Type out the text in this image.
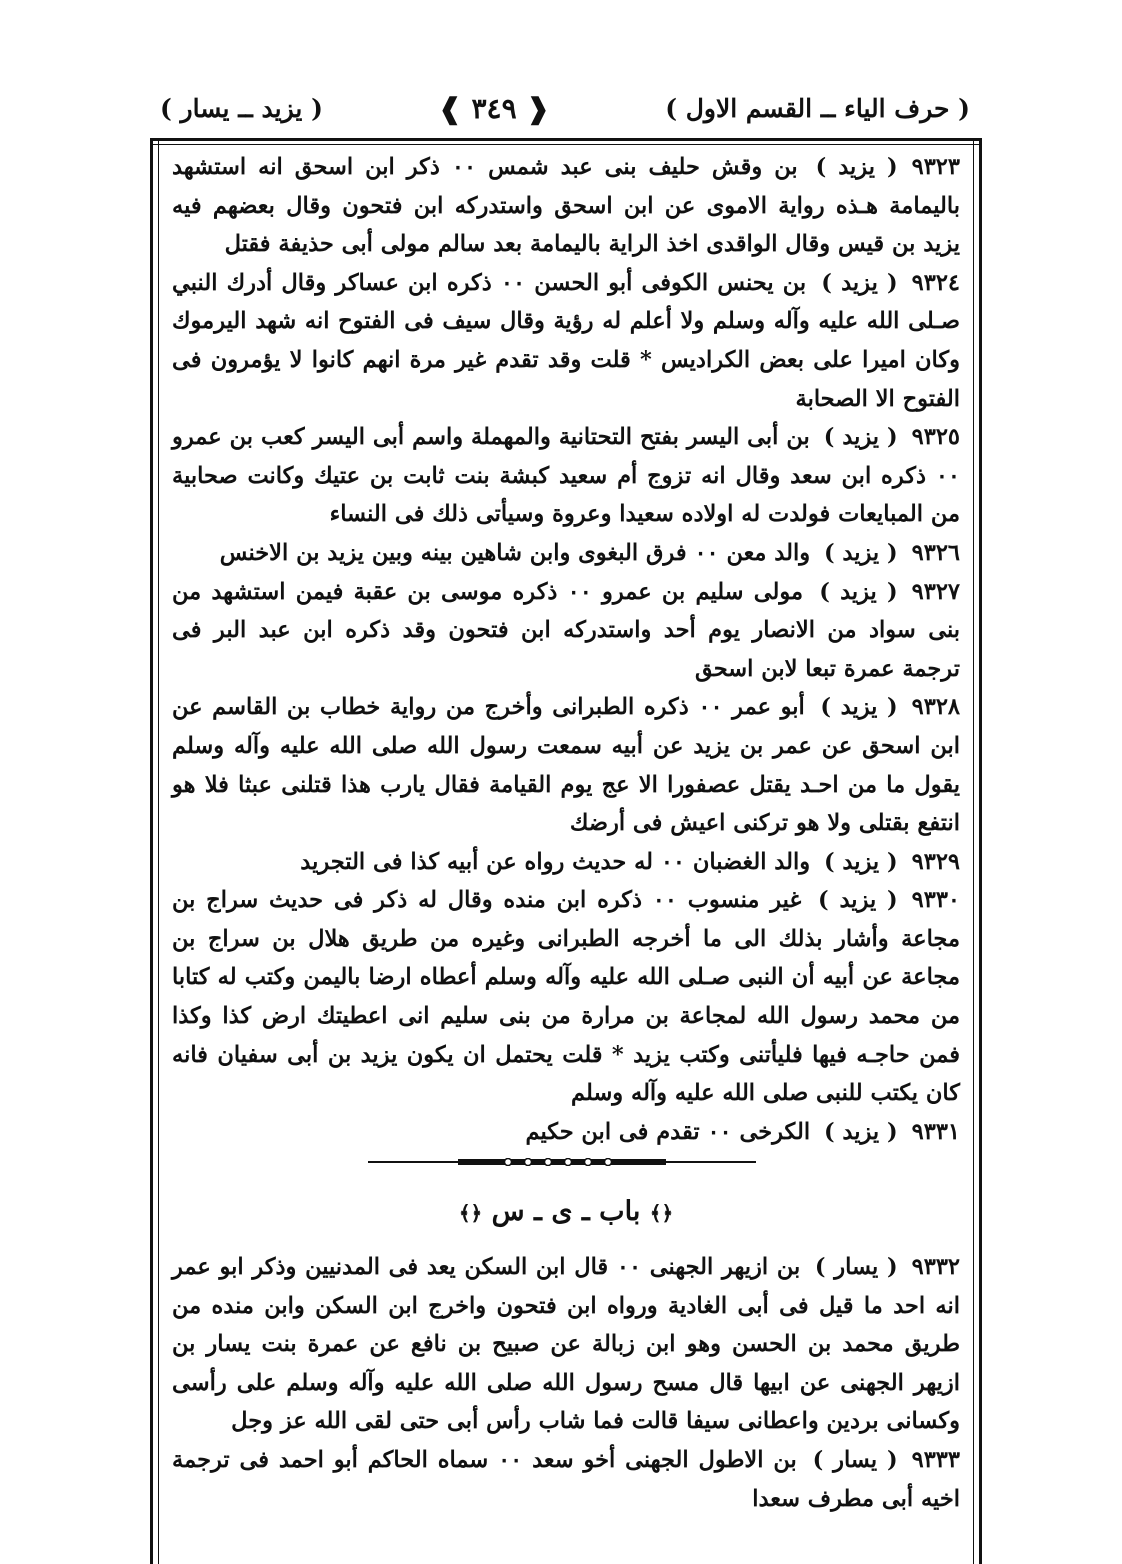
( حرف الياء ــ القسم الاول )
❰ ٣٤٩ ❱
( يزيد ــ يسار )

٩٣٢٣( يزيد ) بن وقش حليف بنى عبد شمس ٠٠ ذكر ابن اسحق انه استشهد باليمامة هـذه رواية الاموى عن ابن اسحق واستدركه ابن فتحون وقال بعضهم فيه يزيد بن قيس وقال الواقدى اخذ الراية باليمامة بعد سالم مولى أبى حذيفة فقتل

٩٣٢٤( يزيد ) بن يحنس الكوفى أبو الحسن ٠٠ ذكره ابن عساكر وقال أدرك النبي صـلى الله عليه وآله وسلم ولا أعلم له رؤية وقال سيف فى الفتوح انه شهد اليرموك وكان اميرا على بعض الكراديس * قلت وقد تقدم غير مرة انهم كانوا لا يؤمرون فى الفتوح الا الصحابة

٩٣٢٥( يزيد ) بن أبى اليسر بفتح التحتانية والمهملة واسم أبى اليسر كعب بن عمرو ٠٠ ذكره ابن سعد وقال انه تزوج أم سعيد كبشة بنت ثابت بن عتيك وكانت صحابية من المبايعات فولدت له اولاده سعيدا وعروة وسيأتى ذلك فى النساء

٩٣٢٦( يزيد ) والد معن ٠٠ فرق البغوى وابن شاهين بينه وبين يزيد بن الاخنس

٩٣٢٧( يزيد ) مولى سليم بن عمرو ٠٠ ذكره موسى بن عقبة فيمن استشهد من بنى سواد من الانصار يوم أحد واستدركه ابن فتحون وقد ذكره ابن عبد البر فى ترجمة عمرة تبعا لابن اسحق

٩٣٢٨( يزيد ) أبو عمر ٠٠ ذكره الطبرانى وأخرج من رواية خطاب بن القاسم عن ابن اسحق عن عمر بن يزيد عن أبيه سمعت رسول الله صلى الله عليه وآله وسلم يقول ما من احـد يقتل عصفورا الا عج يوم القيامة فقال يارب هذا قتلنى عبثا فلا هو انتفع بقتلى ولا هو تركنى اعيش فى أرضك

٩٣٢٩( يزيد ) والد الغضبان ٠٠ له حديث رواه عن أبيه كذا فى التجريد

٩٣٣٠( يزيد ) غير منسوب ٠٠ ذكره ابن منده وقال له ذكر فى حديث سراج بن مجاعة وأشار بذلك الى ما أخرجه الطبرانى وغيره من طريق هلال بن سراج بن مجاعة عن أبيه أن النبى صـلى الله عليه وآله وسلم أعطاه ارضا باليمن وكتب له كتابا من محمد رسول الله لمجاعة بن مرارة من بنى سليم انى اعطيتك ارض كذا وكذا فمن حاجـه فيها فليأتنى وكتب يزيد * قلت يحتمل ان يكون يزيد بن أبى سفيان فانه كان يكتب للنبى صلى الله عليه وآله وسلم

٩٣٣١( يزيد ) الكرخى ٠٠ تقدم فى ابن حكيم

﴿﴾ باب ـ ى ـ س ﴿﴾

٩٣٣٢( يسار ) بن ازيهر الجهنى ٠٠ قال ابن السكن يعد فى المدنيين وذكر ابو عمر انه احد ما قيل فى أبى الغادية ورواه ابن فتحون واخرج ابن السكن وابن منده من طريق محمد بن الحسن وهو ابن زبالة عن صبيح بن نافع عن عمرة بنت يسار بن ازيهر الجهنى عن ابيها قال مسح رسول الله صلى الله عليه وآله وسلم على رأسى وكسانى بردين واعطانى سيفا قالت فما شاب رأس أبى حتى لقى الله عز وجل

٩٣٣٣( يسار ) بن الاطول الجهنى أخو سعد ٠٠ سماه الحاكم أبو احمد فى ترجمة اخيه أبى مطرف سعدا
